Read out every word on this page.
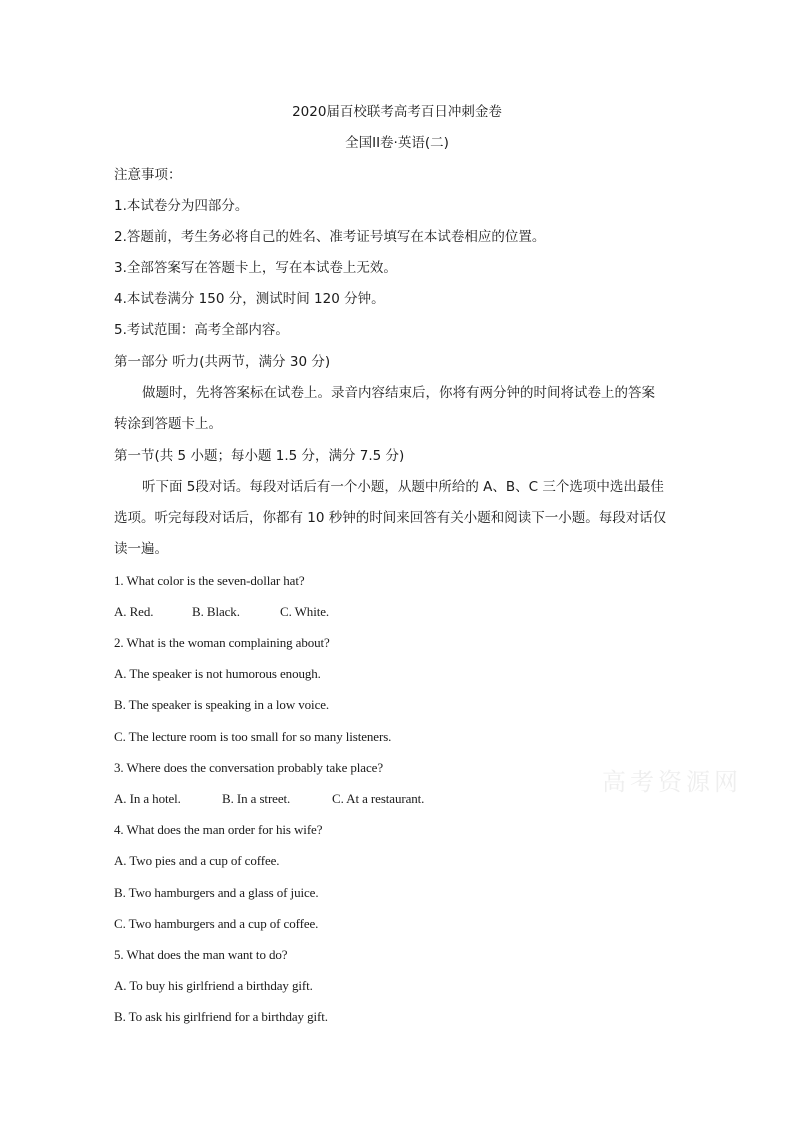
2020届百校联考高考百日冲刺金卷
全国II卷·英语(二)
注意事项：
1.本试卷分为四部分。
2.答题前，考生务必将自己的姓名、准考证号填写在本试卷相应的位置。
3.全部答案写在答题卡上，写在本试卷上无效。
4.本试卷满分 150 分，测试时间 120 分钟。
5.考试范围：高考全部内容。
第一部分 听力(共两节，满分 30 分)
做题时，先将答案标在试卷上。录音内容结束后，你将有两分钟的时间将试卷上的答案
转涂到答题卡上。
第一节(共 5 小题；每小题 1.5 分，满分 7.5 分)
听下面 5段对话。每段对话后有一个小题，从题中所给的 A、B、C 三个选项中选出最佳
选项。听完每段对话后，你都有 10 秒钟的时间来回答有关小题和阅读下一小题。每段对话仅
读一遍。
1. What color is the seven-dollar hat?
A. Red.	B. Black.	C. White.
2. What is the woman complaining about?
A. The speaker is not humorous enough.
B. The speaker is speaking in a low voice.
C. The lecture room is too small for so many listeners.
3. Where does the conversation probably take place?
A. In a hotel.	B. In a street.	C. At a restaurant.
4. What does the man order for his wife?
A. Two pies and a cup of coffee.
B. Two hamburgers and a glass of juice.
C. Two hamburgers and a cup of coffee.
5. What does the man want to do?
A. To buy his girlfriend a birthday gift.
B. To ask his girlfriend for a birthday gift.
高考资源网
